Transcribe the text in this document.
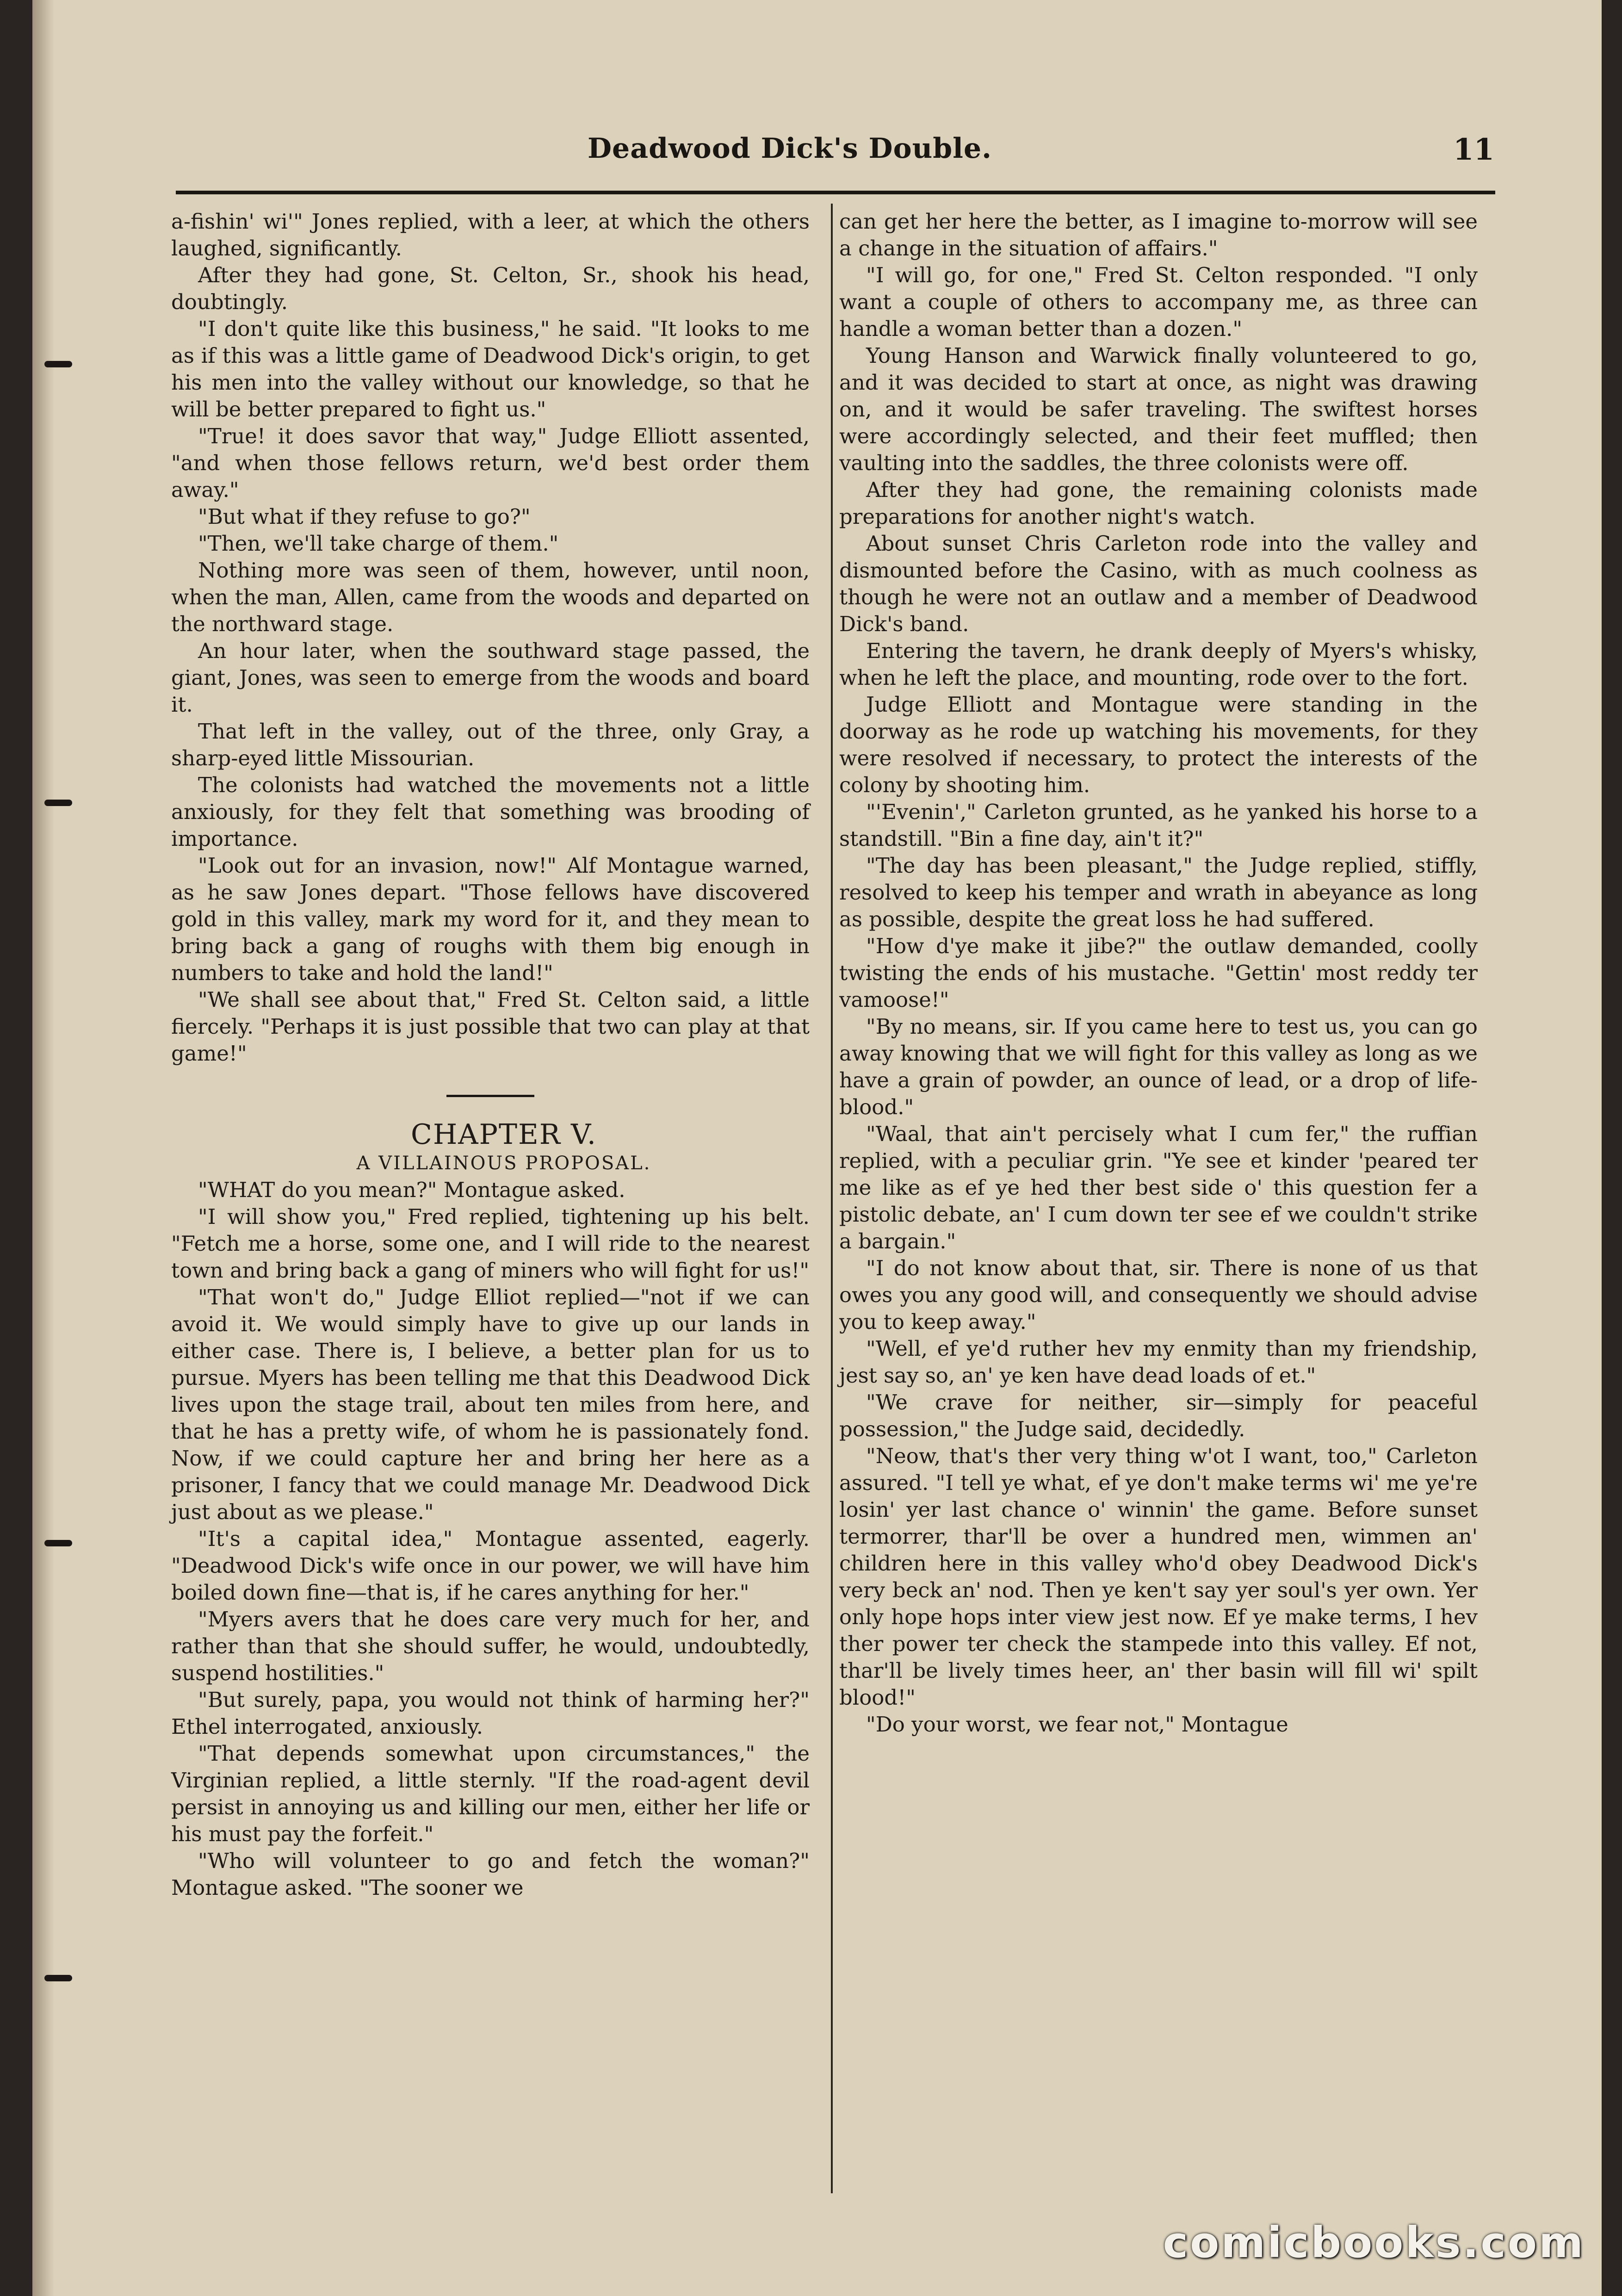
Deadwood Dick's Double.	11

a-fishin' wi'" Jones replied, with a leer, at which the others laughed, significantly.

After they had gone, St. Celton, Sr., shook his head, doubtingly.

"I don't quite like this business," he said. "It looks to me as if this was a little game of Deadwood Dick's origin, to get his men into the valley without our knowledge, so that he will be better prepared to fight us."

"True! it does savor that way," Judge Elliott assented, "and when those fellows return, we'd best order them away."

"But what if they refuse to go?"

"Then, we'll take charge of them."

Nothing more was seen of them, however, until noon, when the man, Allen, came from the woods and departed on the northward stage.

An hour later, when the southward stage passed, the giant, Jones, was seen to emerge from the woods and board it.

That left in the valley, out of the three, only Gray, a sharp-eyed little Missourian.

The colonists had watched the movements not a little anxiously, for they felt that something was brooding of importance.

"Look out for an invasion, now!" Alf Montague warned, as he saw Jones depart. "Those fellows have discovered gold in this valley, mark my word for it, and they mean to bring back a gang of roughs with them big enough in numbers to take and hold the land!"

"We shall see about that," Fred St. Celton said, a little fiercely. "Perhaps it is just possible that two can play at that game!"

CHAPTER V.

A VILLAINOUS PROPOSAL.

"WHAT do you mean?" Montague asked.

"I will show you," Fred replied, tightening up his belt. "Fetch me a horse, some one, and I will ride to the nearest town and bring back a gang of miners who will fight for us!"

"That won't do," Judge Elliot replied—"not if we can avoid it. We would simply have to give up our lands in either case. There is, I believe, a better plan for us to pursue. Myers has been telling me that this Deadwood Dick lives upon the stage trail, about ten miles from here, and that he has a pretty wife, of whom he is passionately fond. Now, if we could capture her and bring her here as a prisoner, I fancy that we could manage Mr. Deadwood Dick just about as we please."

"It's a capital idea," Montague assented, eagerly. "Deadwood Dick's wife once in our power, we will have him boiled down fine—that is, if he cares anything for her."

"Myers avers that he does care very much for her, and rather than that she should suffer, he would, undoubtedly, suspend hostilities."

"But surely, papa, you would not think of harming her?" Ethel interrogated, anxiously.

"That depends somewhat upon circumstances," the Virginian replied, a little sternly. "If the road-agent devil persist in annoying us and killing our men, either her life or his must pay the forfeit."

"Who will volunteer to go and fetch the woman?" Montague asked. "The sooner we

can get her here the better, as I imagine to-morrow will see a change in the situation of affairs."

"I will go, for one," Fred St. Celton responded. "I only want a couple of others to accompany me, as three can handle a woman better than a dozen."

Young Hanson and Warwick finally volunteered to go, and it was decided to start at once, as night was drawing on, and it would be safer traveling. The swiftest horses were accordingly selected, and their feet muffled; then vaulting into the saddles, the three colonists were off.

After they had gone, the remaining colonists made preparations for another night's watch.

About sunset Chris Carleton rode into the valley and dismounted before the Casino, with as much coolness as though he were not an outlaw and a member of Deadwood Dick's band.

Entering the tavern, he drank deeply of Myers's whisky, when he left the place, and mounting, rode over to the fort.

Judge Elliott and Montague were standing in the doorway as he rode up watching his movements, for they were resolved if necessary, to protect the interests of the colony by shooting him.

"'Evenin'," Carleton grunted, as he yanked his horse to a standstill. "Bin a fine day, ain't it?"

"The day has been pleasant," the Judge replied, stiffly, resolved to keep his temper and wrath in abeyance as long as possible, despite the great loss he had suffered.

"How d'ye make it jibe?" the outlaw demanded, coolly twisting the ends of his mustache. "Gettin' most reddy ter vamoose!"

"By no means, sir. If you came here to test us, you can go away knowing that we will fight for this valley as long as we have a grain of powder, an ounce of lead, or a drop of life-blood."

"Waal, that ain't percisely what I cum fer," the ruffian replied, with a peculiar grin. "Ye see et kinder 'peared ter me like as ef ye hed ther best side o' this question fer a pistolic debate, an' I cum down ter see ef we couldn't strike a bargain."

"I do not know about that, sir. There is none of us that owes you any good will, and consequently we should advise you to keep away."

"Well, ef ye'd ruther hev my enmity than my friendship, jest say so, an' ye ken have dead loads of et."

"We crave for neither, sir—simply for peaceful possession," the Judge said, decidedly.

"Neow, that's ther very thing w'ot I want, too," Carleton assured. "I tell ye what, ef ye don't make terms wi' me ye're losin' yer last chance o' winnin' the game. Before sunset termorrer, thar'll be over a hundred men, wimmen an' children here in this valley who'd obey Deadwood Dick's very beck an' nod. Then ye ken't say yer soul's yer own. Yer only hope hops inter view jest now. Ef ye make terms, I hev ther power ter check the stampede into this valley. Ef not, thar'll be lively times heer, an' ther basin will fill wi' spilt blood!"

"Do your worst, we fear not," Montague

comicbooks.com
